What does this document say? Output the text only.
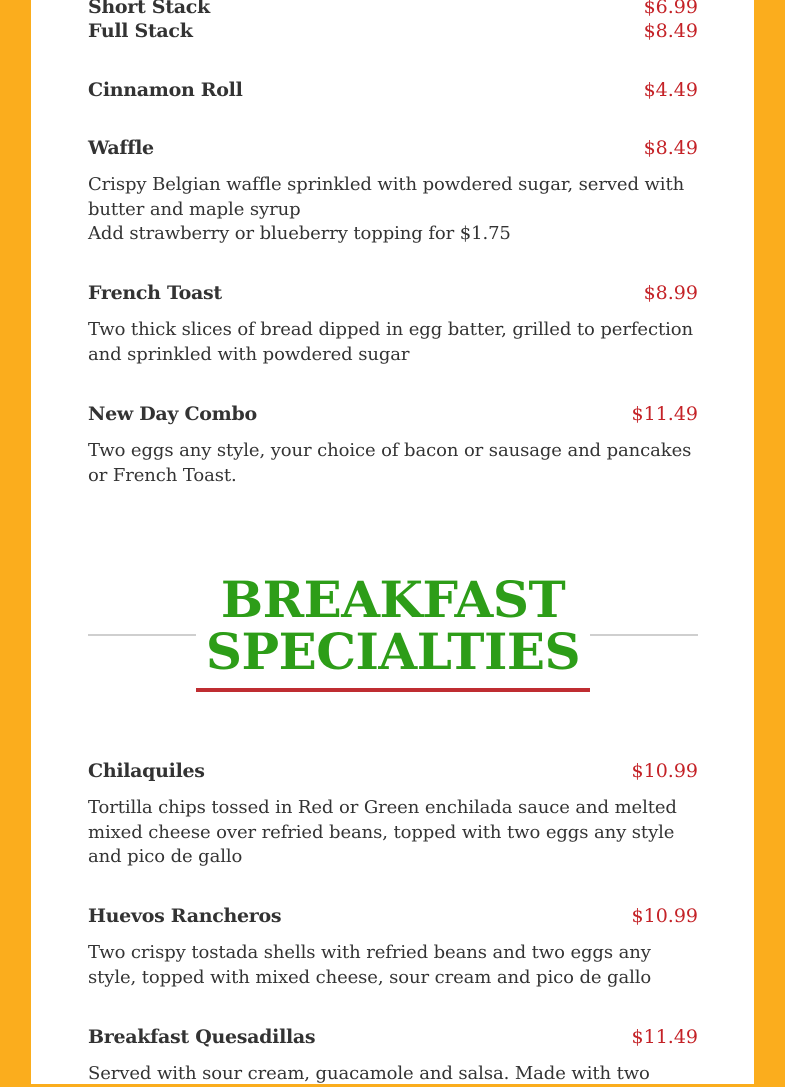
Short Stack	$6.99
Full Stack	$8.49
Cinnamon Roll	$4.49
Waffle	$8.49
Crispy Belgian waffle sprinkled with powdered sugar, served with butter and maple syrup
Add strawberry or blueberry topping for $1.75
French Toast	$8.99
Two thick slices of bread dipped in egg batter, grilled to perfection and sprinkled with powdered sugar
New Day Combo	$11.49
Two eggs any style, your choice of bacon or sausage and pancakes or French Toast.
BREAKFAST
SPECIALTIES
Chilaquiles	$10.99
Tortilla chips tossed in Red or Green enchilada sauce and melted mixed cheese over refried beans, topped with two eggs any style and pico de gallo
Huevos Rancheros	$10.99
Two crispy tostada shells with refried beans and two eggs any style, topped with mixed cheese, sour cream and pico de gallo
Breakfast Quesadillas	$11.49
Served with sour cream, guacamole and salsa. Made with two
